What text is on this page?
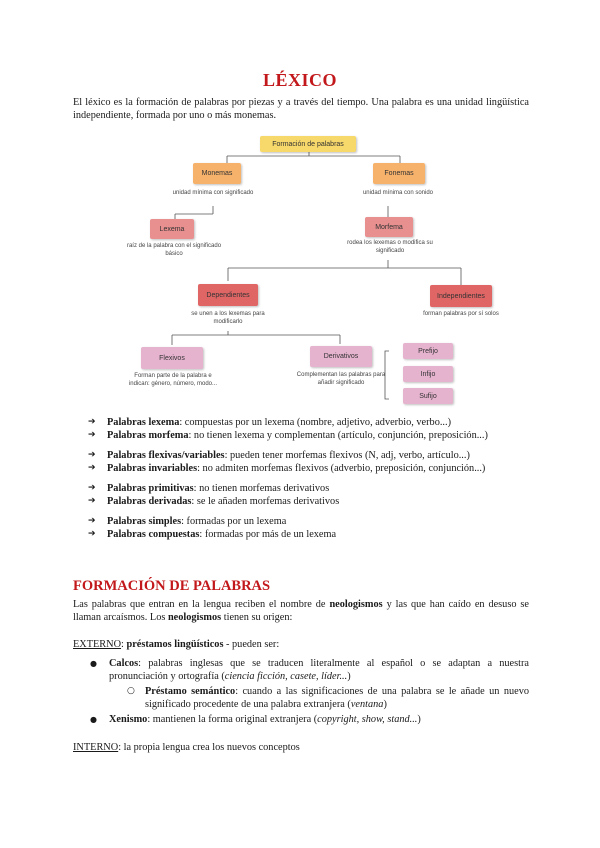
LÉXICO
El léxico es la formación de palabras por piezas y a través del tiempo. Una palabra es una unidad lingüística independiente, formada por uno o más monemas.
Formación de palabras
Monemas
unidad mínima con significado
Fonemas
unidad mínima con sonido
Lexema
raíz de la palabra con el significado básico
Morfema
rodea los lexemas o modifica su significado
Dependientes
se unen a los lexemas para modificarlo
Independientes
forman palabras por sí solos
Flexivos
Forman parte de la palabra e indican: género, número, modo...
Derivativos
Complementan las palabras para añadir significado
Prefijo
Infijo
Sufijo
➔ Palabras lexema: compuestas por un lexema (nombre, adjetivo, adverbio, verbo...)
➔ Palabras morfema: no tienen lexema y complementan (artículo, conjunción, preposición...)
➔ Palabras flexivas/variables: pueden tener morfemas flexivos (N, adj, verbo, artículo...)
➔ Palabras invariables: no admiten morfemas flexivos (adverbio, preposición, conjunción...)
➔ Palabras primitivas: no tienen morfemas derivativos
➔ Palabras derivadas: se le añaden morfemas derivativos
➔ Palabras simples: formadas por un lexema
➔ Palabras compuestas: formadas por más de un lexema
FORMACIÓN DE PALABRAS
Las palabras que entran en la lengua reciben el nombre de neologismos y las que han caído en desuso se llaman arcaísmos. Los neologismos tienen su origen:
EXTERNO: préstamos lingüísticos - pueden ser:
● Calcos: palabras inglesas que se traducen literalmente al español o se adaptan a nuestra pronunciación y ortografía (ciencia ficción, casete, líder...)
○ Préstamo semántico: cuando a las significaciones de una palabra se le añade un nuevo significado procedente de una palabra extranjera (ventana)
● Xenismo: mantienen la forma original extranjera (copyright, show, stand...)
INTERNO: la propia lengua crea los nuevos conceptos
